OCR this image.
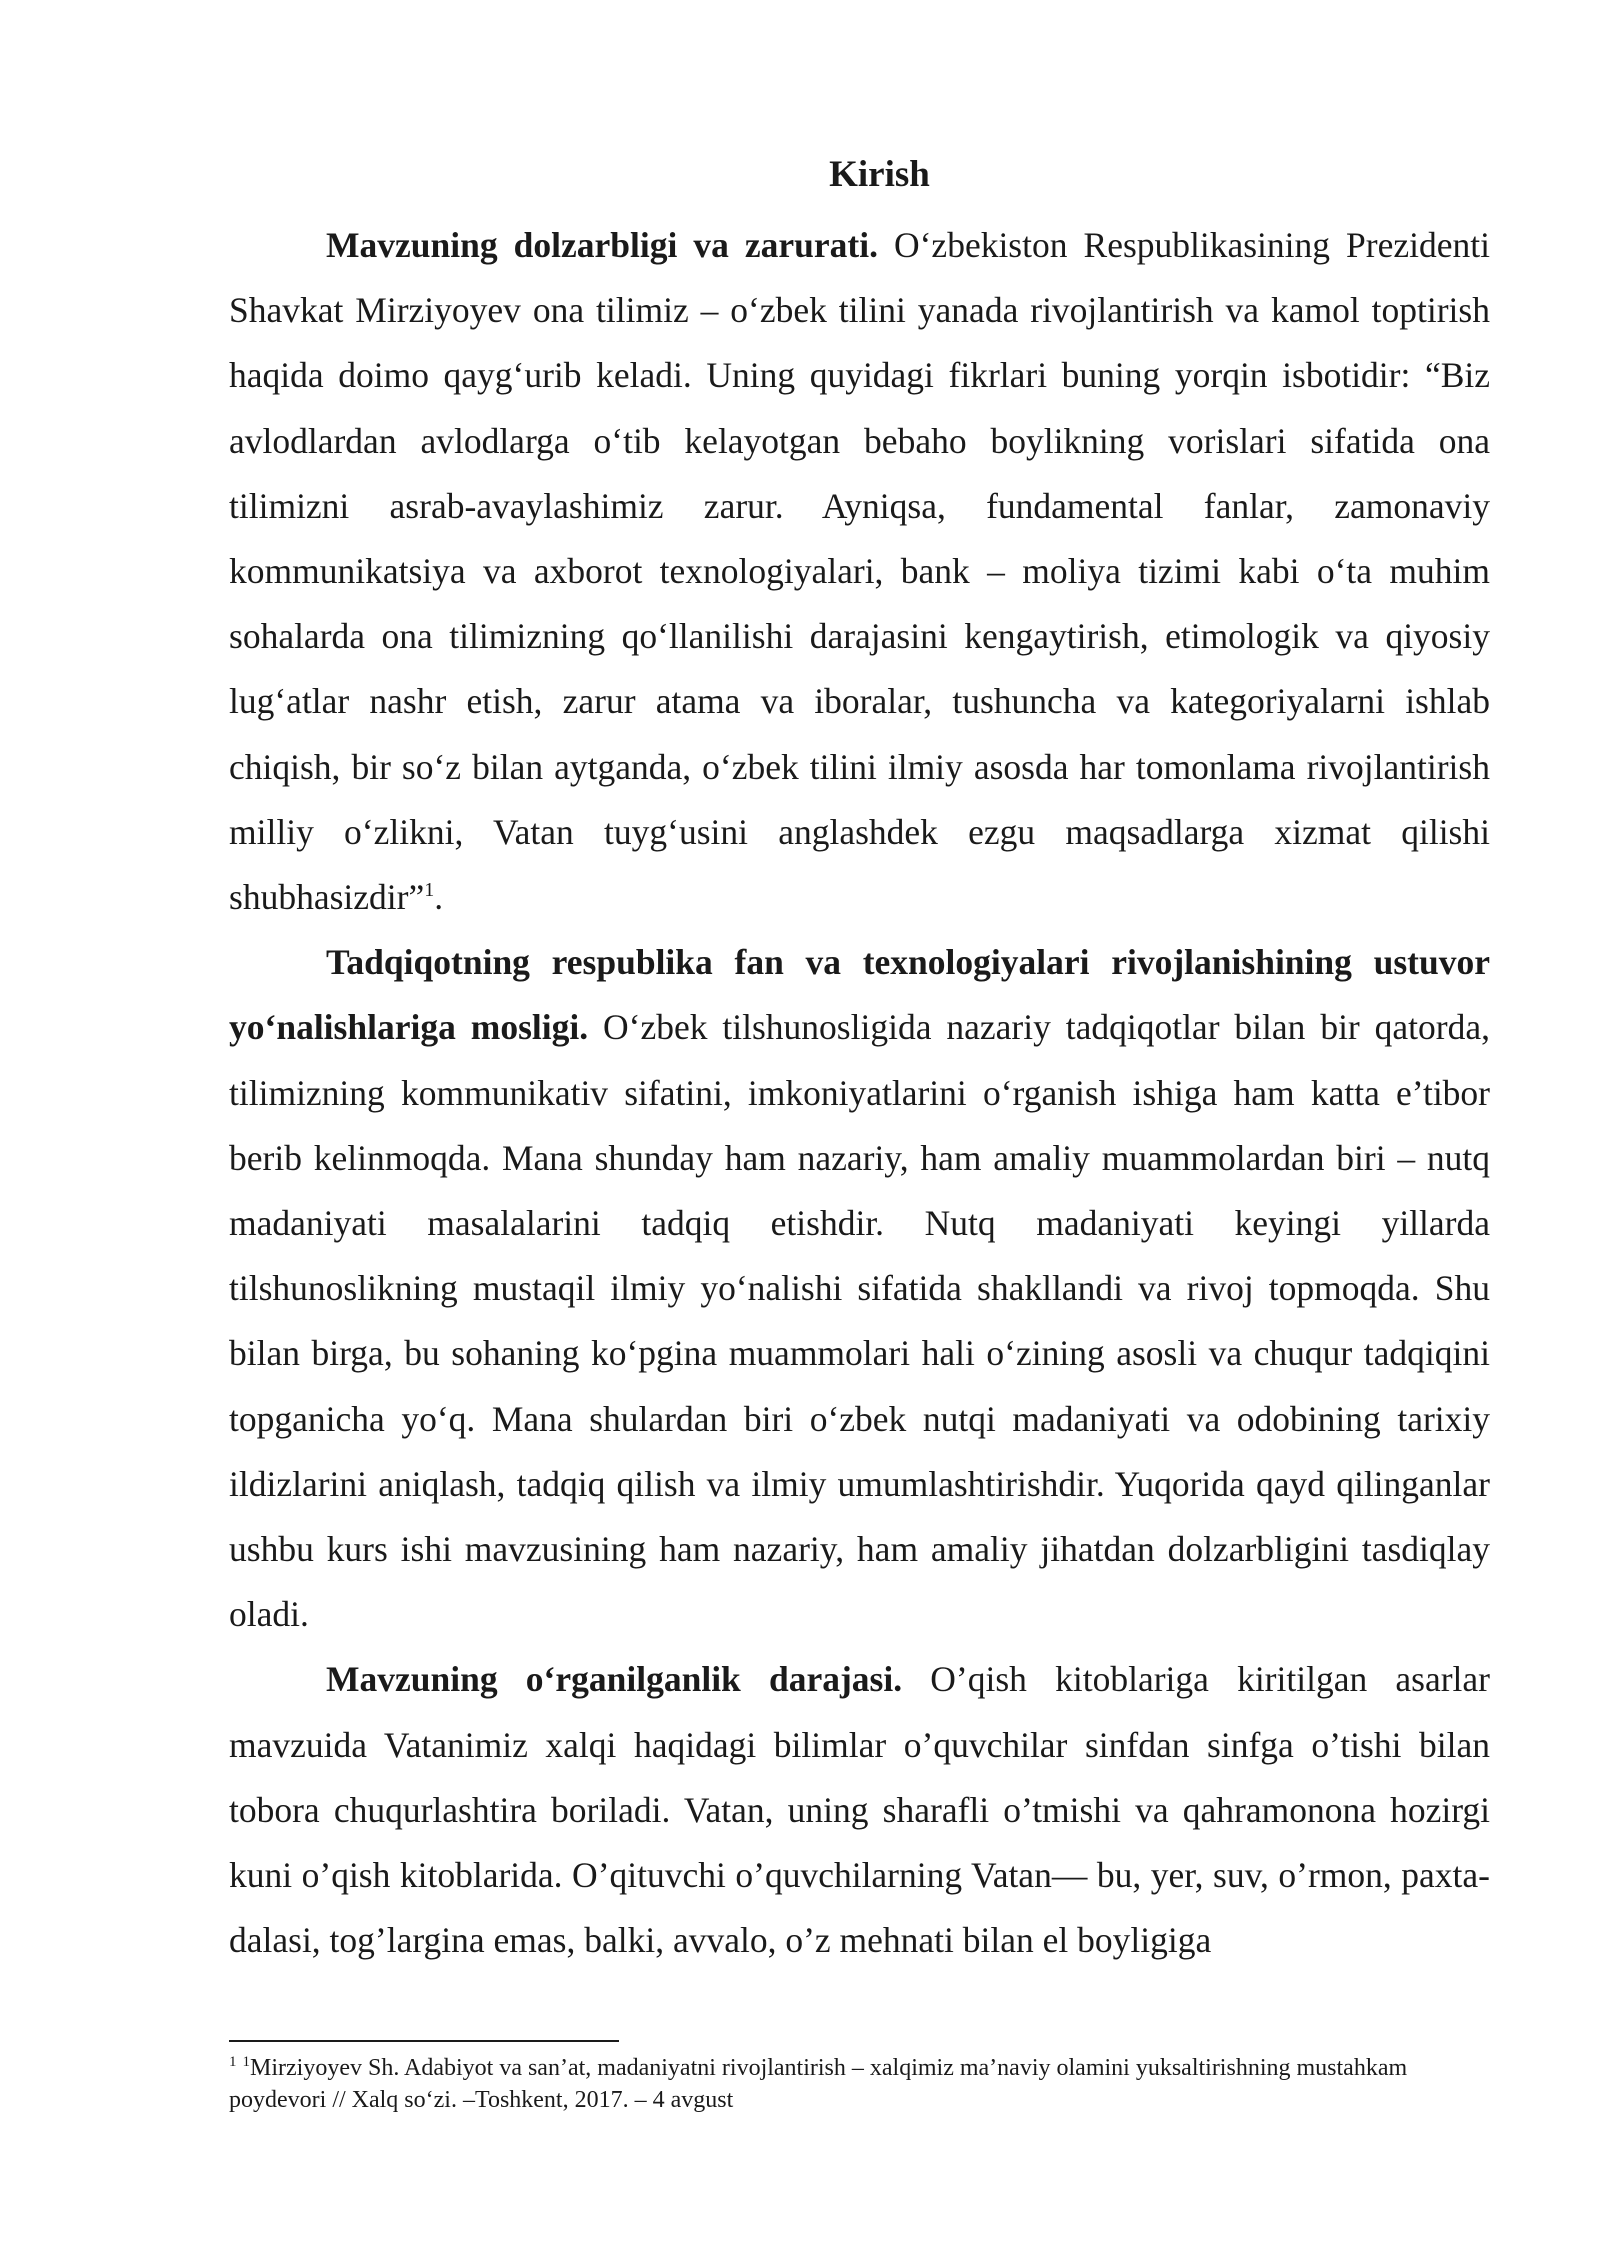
Kirish

Mavzuning dolzarbligi va zarurati. O‘zbekiston Respublikasining Prezidenti Shavkat Mirziyoyev ona tilimiz – o‘zbek tilini yanada rivojlantirish va kamol toptirish haqida doimo qayg‘urib keladi. Uning quyidagi fikrlari buning yorqin isbotidir: “Biz avlodlardan avlodlarga o‘tib kelayotgan bebaho boylikning vorislari sifatida ona tilimizni asrab-avaylashimiz zarur. Ayniqsa, fundamental fanlar, zamonaviy kommunikatsiya va axborot texnologiyalari, bank – moliya tizimi kabi o‘ta muhim sohalarda ona tilimizning qo‘llanilishi darajasini kengaytirish, etimologik va qiyosiy lug‘atlar nashr etish, zarur atama va iboralar, tushuncha va kategoriyalarni ishlab chiqish, bir so‘z bilan aytganda, o‘zbek tilini ilmiy asosda har tomonlama rivojlantirish milliy o‘zlikni, Vatan tuyg‘usini anglashdek ezgu maqsadlarga xizmat qilishi shubhasizdir”$^1$.

Tadqiqotning respublika fan va texnologiyalari rivojlanishining ustuvor yo‘nalishlariga mosligi. O‘zbek tilshunosligida nazariy tadqiqotlar bilan bir qatorda, tilimizning kommunikativ sifatini, imkoniyatlarini o‘rganish ishiga ham katta e’tibor berib kelinmoqda. Mana shunday ham nazariy, ham amaliy muammolardan biri – nutq madaniyati masalalarini tadqiq etishdir. Nutq madaniyati keyingi yillarda tilshunoslikning mustaqil ilmiy yo‘nalishi sifatida shakllandi va rivoj topmoqda. Shu bilan birga, bu sohaning ko‘pgina muammolari hali o‘zining asosli va chuqur tadqiqini topganicha yo‘q. Mana shulardan biri o‘zbek nutqi madaniyati va odobining tarixiy ildizlarini aniqlash, tadqiq qilish va ilmiy umumlashtirishdir. Yuqorida qayd qilinganlar ushbu kurs ishi mavzusining ham nazariy, ham amaliy jihatdan dolzarbligini tasdiqlay oladi.

Mavzuning o‘rganilganlik darajasi. O’qish kitoblariga kiritilgan asarlar mavzuida Vatanimiz xalqi haqidagi bilimlar o’quvchilar sinfdan sinfga o’tishi bilan tobora chuqurlashtira boriladi. Vatan, uning sharafli o’tmishi va qahramonona hozirgi kuni o’qish kitoblarida. O’qituvchi o’quvchilarning Vatan— bu, yer, suv, o’rmon, paxta-dalasi, tog’largina emas, balki, avvalo, o’z mehnati bilan el boyligiga

$^1$ $^1$Mirziyoyev Sh. Adabiyot va san’at, madaniyatni rivojlantirish – xalqimiz ma’naviy olamini yuksaltirishning mustahkam poydevori // Xalq so‘zi. –Toshkent, 2017. – 4 avgust
